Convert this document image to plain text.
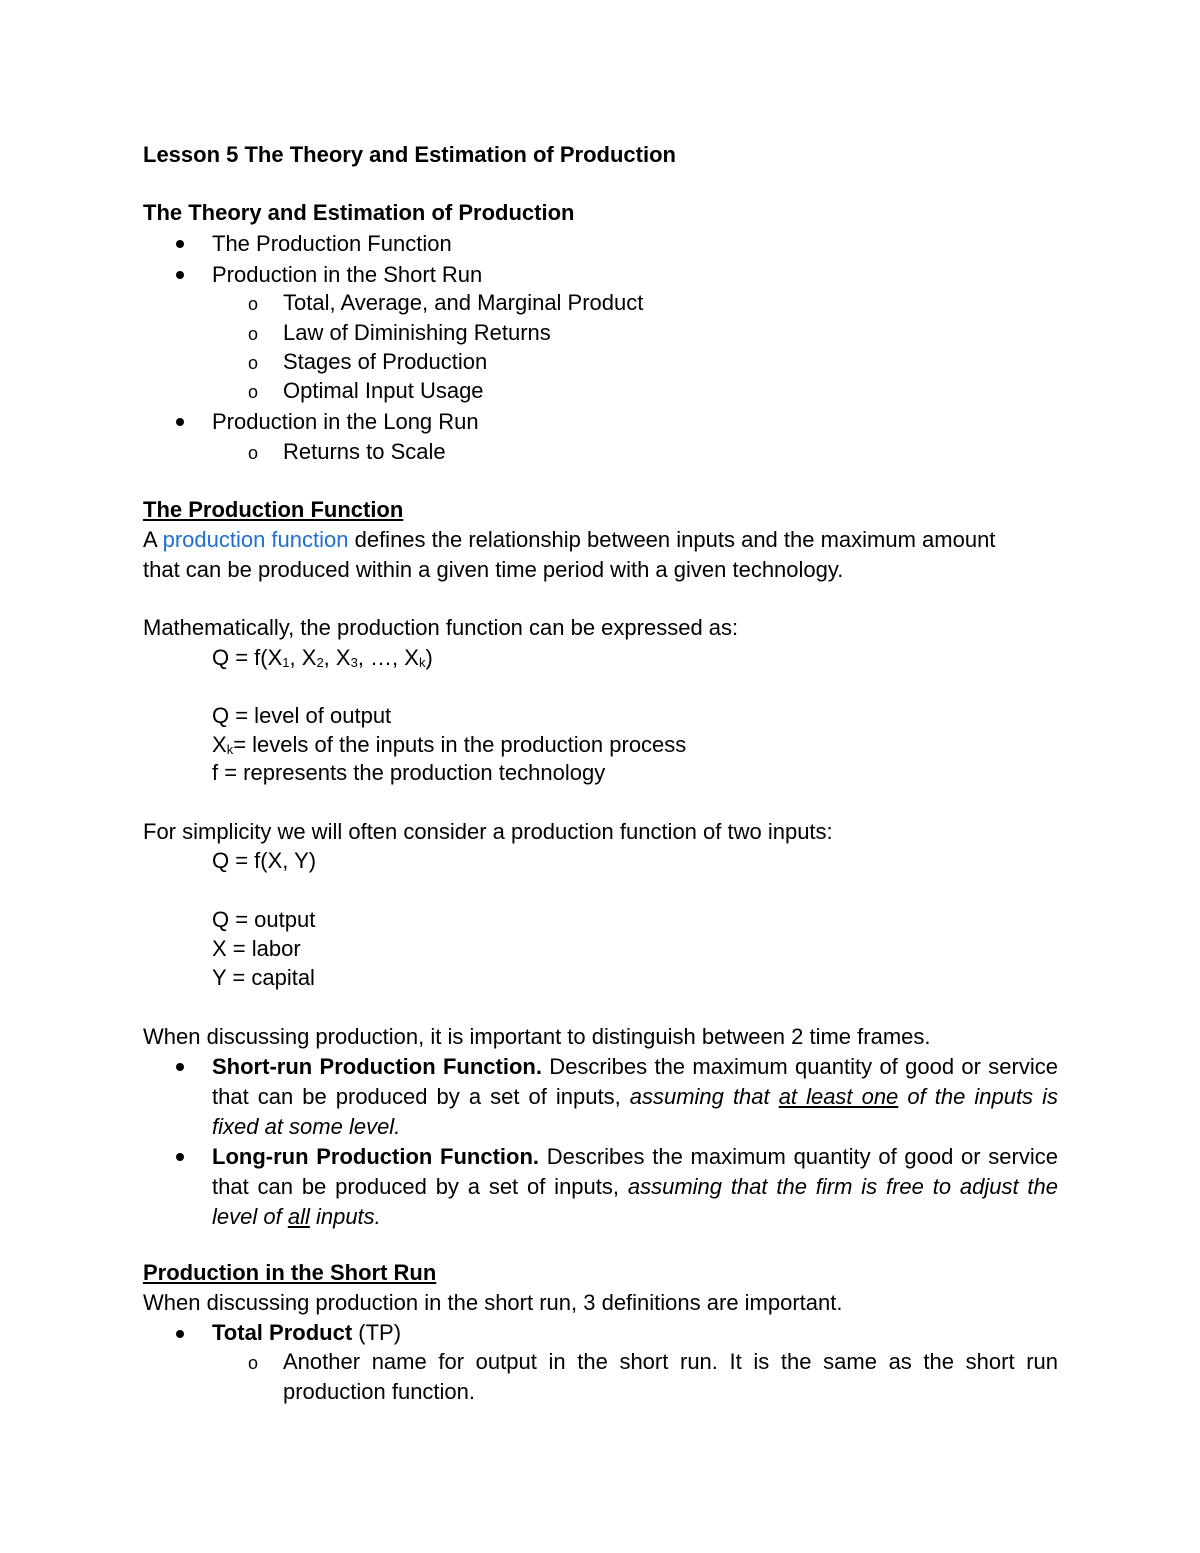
Lesson 5 The Theory and Estimation of Production
The Theory and Estimation of Production
The Production Function
Production in the Short Run
o Total, Average, and Marginal Product
o Law of Diminishing Returns
o Stages of Production
o Optimal Input Usage
Production in the Long Run
o Returns to Scale
The Production Function
A production function defines the relationship between inputs and the maximum amount
that can be produced within a given time period with a given technology.
Mathematically, the production function can be expressed as:
$Q = f(X_1$, $X_2$, $X_3$, …, $X_k$)
Q = level of output
$X_k=$ levels of the inputs in the production process
f = represents the production technology
For simplicity we will often consider a production function of two inputs:
Q = f(X, Y)
Q = output
X = labor
Y = capital
When discussing production, it is important to distinguish between 2 time frames.
Short-run Production Function. Describes the maximum quantity of good or service that can be produced by a set of inputs, assuming that at least one of the inputs is fixed at some level.
Long-run Production Function. Describes the maximum quantity of good or service that can be produced by a set of inputs, assuming that the firm is free to adjust the level of all inputs.
Production in the Short Run
When discussing production in the short run, 3 definitions are important.
Total Product (TP)
o Another name for output in the short run. It is the same as the short run production function.
